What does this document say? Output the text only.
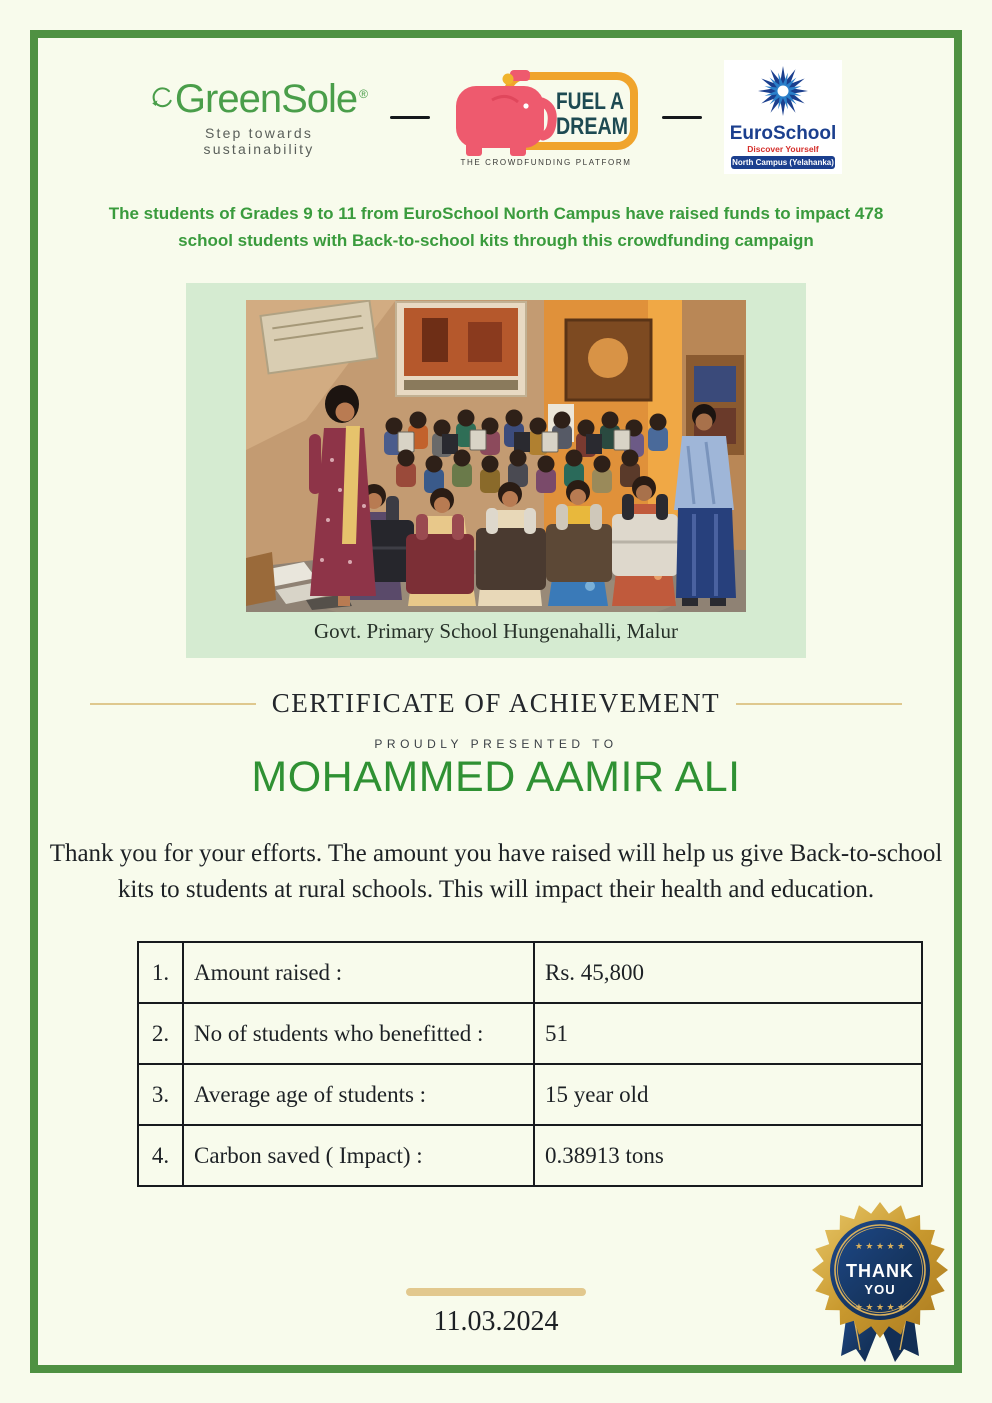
GreenSole ®
Step towards sustainability
FUEL A
DREAM
THE CROWDFUNDING PLATFORM
EuroSchool
Discover Yourself
North Campus (Yelahanka)

The students of Grades 9 to 11 from EuroSchool North Campus have raised funds to impact 478 school students with Back-to-school kits through this crowdfunding campaign

Govt. Primary School Hungenahalli, Malur
CERTIFICATE OF ACHIEVEMENT
PROUDLY PRESENTED TO
MOHAMMED AAMIR ALI

Thank you for your efforts. The amount you have raised will help us give Back-to-school kits to students at rural schools. This will impact their health and education.

1.	Amount raised :	Rs. 45,800
2.	No of students who benefitted :	51
3.	Average age of students :	15 year old
4.	Carbon saved ( Impact) :	0.38913 tons
★ ★ ★ ★ ★
THANK
YOU
★ ★ ★ ★ ★
11.03.2024
